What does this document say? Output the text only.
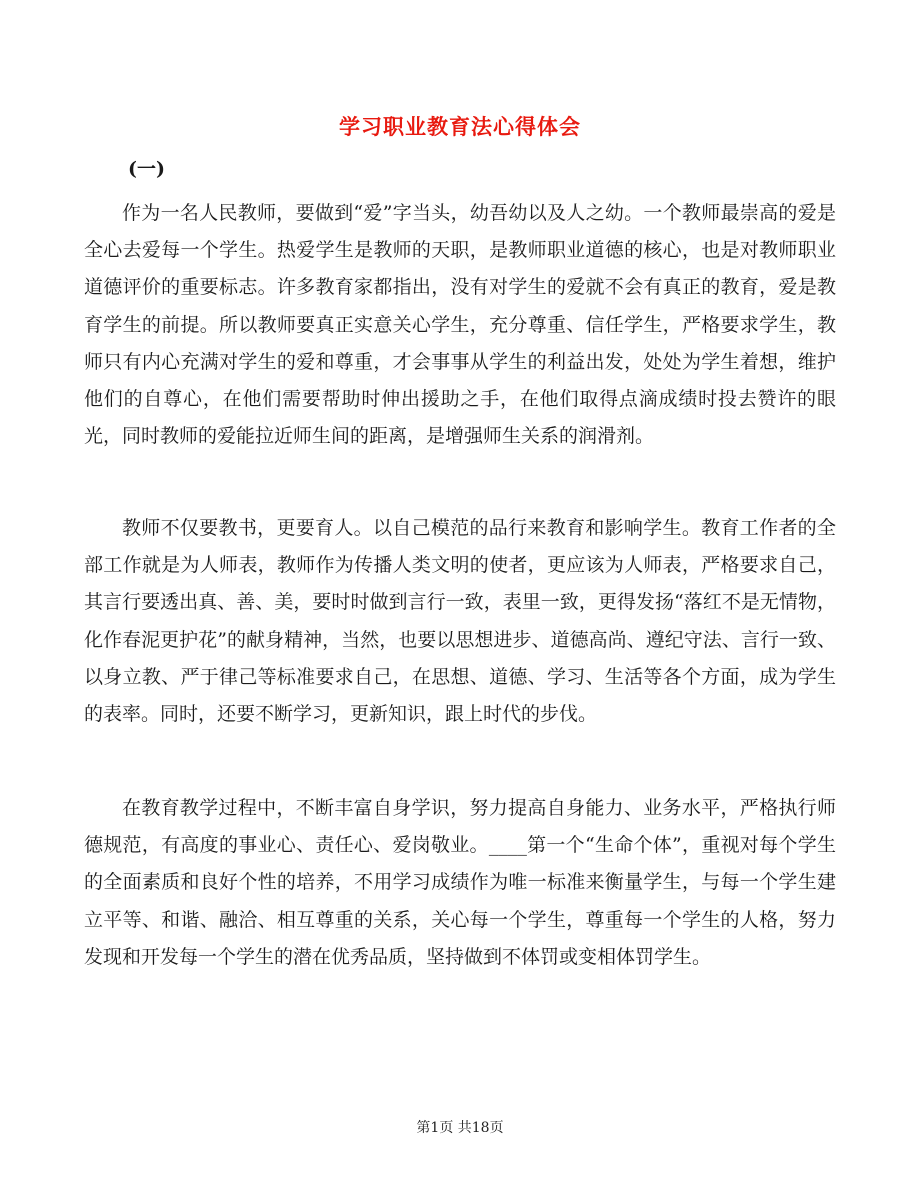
学习职业教育法心得体会
(一)

作为一名人民教师，要做到“爱”字当头，幼吾幼以及人之幼。一个教师最崇高的爱是全心去爱每一个学生。热爱学生是教师的天职，是教师职业道德的核心，也是对教师职业道德评价的重要标志。许多教育家都指出，没有对学生的爱就不会有真正的教育，爱是教育学生的前提。所以教师要真正实意关心学生，充分尊重、信任学生，严格要求学生，教师只有内心充满对学生的爱和尊重，才会事事从学生的利益出发，处处为学生着想，维护他们的自尊心，在他们需要帮助时伸出援助之手，在他们取得点滴成绩时投去赞许的眼光，同时教师的爱能拉近师生间的距离，是增强师生关系的润滑剂。

教师不仅要教书，更要育人。以自己模范的品行来教育和影响学生。教育工作者的全部工作就是为人师表，教师作为传播人类文明的使者，更应该为人师表，严格要求自己，其言行要透出真、善、美，要时时做到言行一致，表里一致，更得发扬“落红不是无情物，化作春泥更护花”的献身精神，当然，也要以思想进步、道德高尚、遵纪守法、言行一致、以身立教、严于律己等标准要求自己，在思想、道德、学习、生活等各个方面，成为学生的表率。同时，还要不断学习，更新知识，跟上时代的步伐。

在教育教学过程中，不断丰富自身学识，努力提高自身能力、业务水平，严格执行师德规范，有高度的事业心、责任心、爱岗敬业。____第一个“生命个体”，重视对每个学生的全面素质和良好个性的培养，不用学习成绩作为唯一标准来衡量学生，与每一个学生建立平等、和谐、融洽、相互尊重的关系，关心每一个学生，尊重每一个学生的人格，努力发现和开发每一个学生的潜在优秀品质，坚持做到不体罚或变相体罚学生。

第1页 共18页
